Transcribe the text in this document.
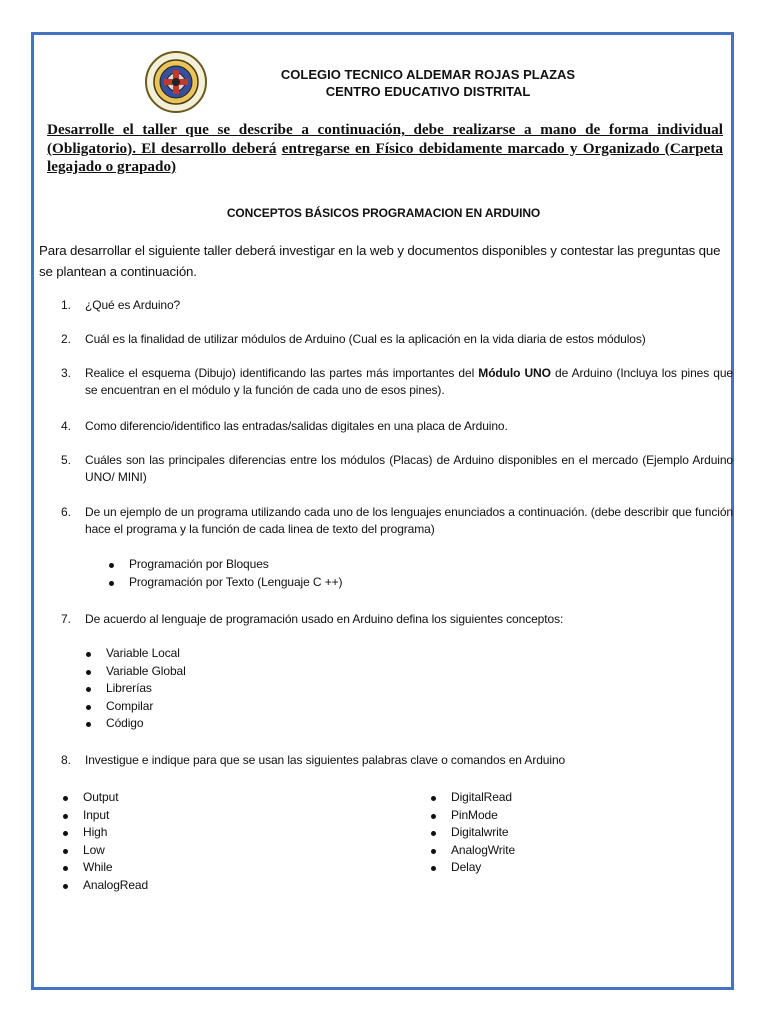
COLEGIO TECNICO ALDEMAR ROJAS PLAZAS
CENTRO EDUCATIVO DISTRITAL
Desarrolle el taller que se describe a continuación, debe realizarse a mano de forma individual (Obligatorio). El desarrollo deberá entregarse en Físico debidamente marcado y Organizado (Carpeta legajado o grapado)
CONCEPTOS BÁSICOS PROGRAMACION EN ARDUINO
Para desarrollar el siguiente taller deberá investigar en la web y documentos disponibles y contestar las preguntas que se plantean a continuación.
1. ¿Qué es Arduino?
2. Cuál es la finalidad de utilizar módulos de Arduino (Cual es la aplicación en la vida diaria de estos módulos)
3. Realice el esquema (Dibujo) identificando las partes más importantes del Módulo UNO de Arduino (Incluya los pines que se encuentran en el módulo y la función de cada uno de esos pines).
4. Como diferencio/identifico las entradas/salidas digitales en una placa de Arduino.
5. Cuáles son las principales diferencias entre los módulos (Placas) de Arduino disponibles en el mercado (Ejemplo Arduino UNO/ MINI)
6. De un ejemplo de un programa utilizando cada uno de los lenguajes enunciados a continuación. (debe describir que función hace el programa y la función de cada linea de texto del programa)
Programación por Bloques
Programación por Texto (Lenguaje C ++)
7. De acuerdo al lenguaje de programación usado en Arduino defina los siguientes conceptos:
Variable Local
Variable Global
Librerías
Compilar
Código
8. Investigue e indique para que se usan las siguientes palabras clave o comandos en Arduino
Output
Input
High
Low
While
AnalogRead
DigitalRead
PinMode
Digitalwrite
AnalogWrite
Delay
